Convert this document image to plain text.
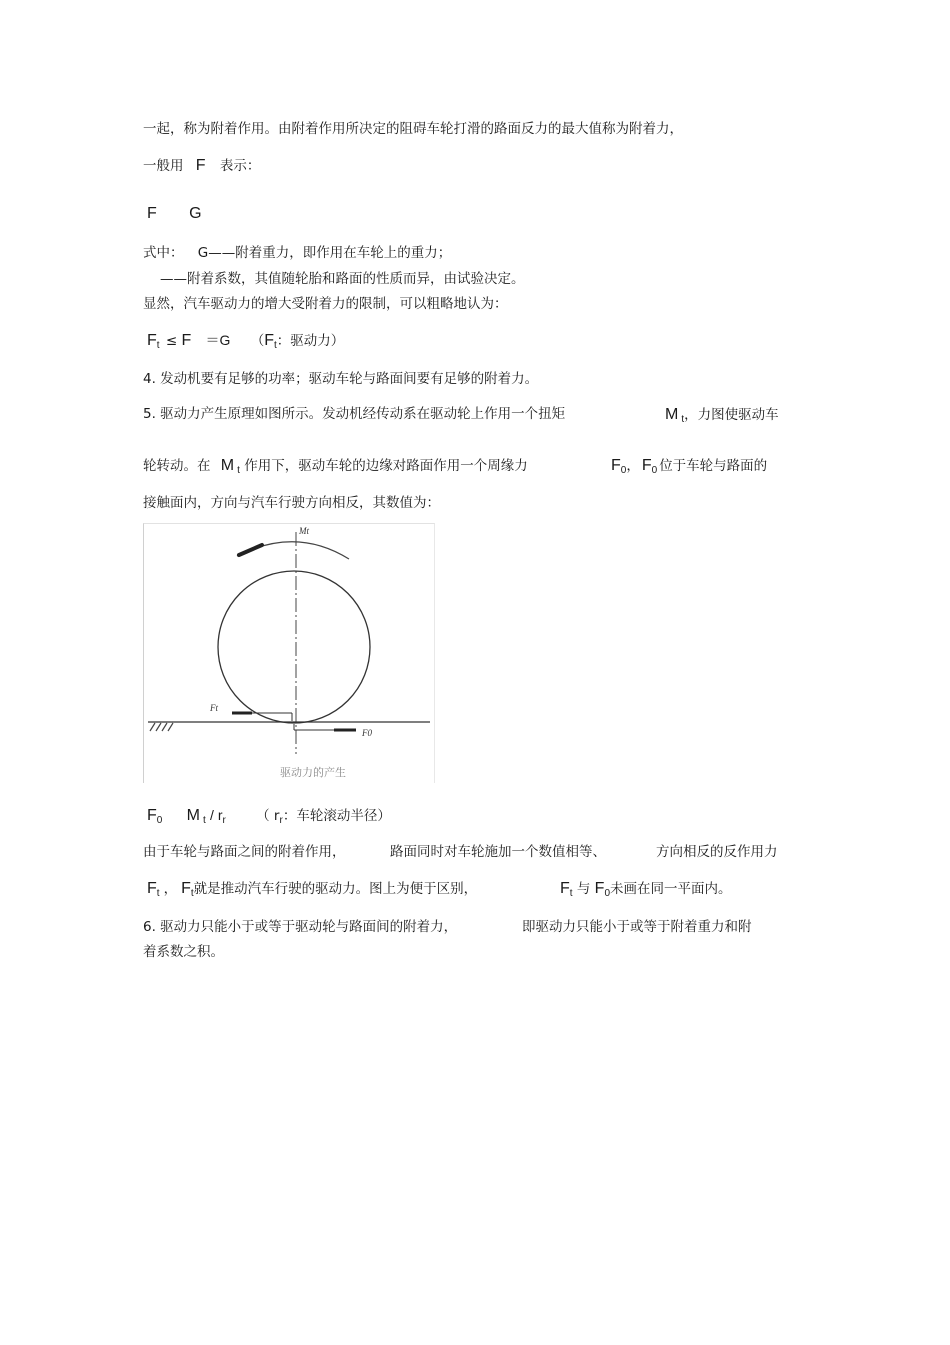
一起，称为附着作用。由附着作用所决定的阻碍车轮打滑的路面反力的最大值称为附着力，
一般用 F 表示：
F G
式中： G——附着重力，即作用在车轮上的重力；
——附着系数，其值随轮胎和路面的性质而异，由试验决定。
显然，汽车驱动力的增大受附着力的限制，可以粗略地认为：
$F_t \le F =G$ （$F_t$：驱动力）
4. 发动机要有足够的功率；驱动车轮与路面间要有足够的附着力。
5. 驱动力产生原理如图所示。发动机经传动系在驱动轮上作用一个扭矩	M $_t$，力图使驱动车
轮转动。在 M $_t$ 作用下，驱动车轮的边缘对路面作用一个周缘力	$F_0$， $F_0$ 位于车轮与路面的
接触面内，方向与汽车行驶方向相反，其数值为：
Mt
Ft
F0
驱动力的产生
$F_0$ M $_t / r_r$ （ $r_r$：车轮滚动半径）
由于车轮与路面之间的附着作用，	路面同时对车轮施加一个数值相等、	方向相反的反作用力
$F_t$ ， $F_t$就是推动汽车行驶的驱动力。图上为便于区别，	$F_t$ 与 $F_0$未画在同一平面内。
6. 驱动力只能小于或等于驱动轮与路面间的附着力，	即驱动力只能小于或等于附着重力和附
着系数之积。
